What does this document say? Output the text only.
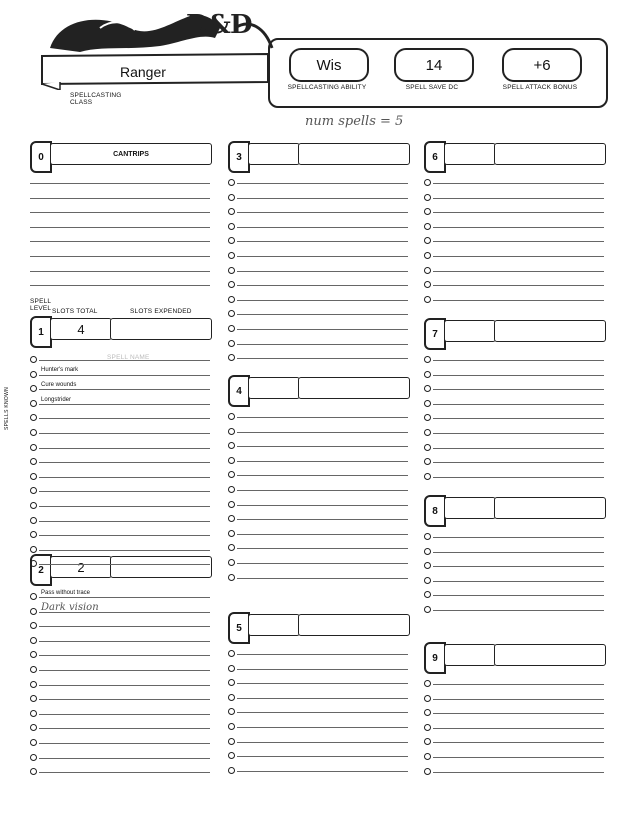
D&D
Ranger
SPELLCASTING CLASS
Wis
SPELLCASTING ABILITY
14
SPELL SAVE DC
+6
SPELL ATTACK BONUS
num spells = 5
SPELLS KNOWN
0	CANTRIPS
SPELL LEVEL SLOTS TOTAL	SLOTS EXPENDED
1	4
SPELL NAME
2	2
3
4
5
6
7
8
9
Hunter's mark
Cure wounds
Longstrider
Pass without trace
Dark vision
